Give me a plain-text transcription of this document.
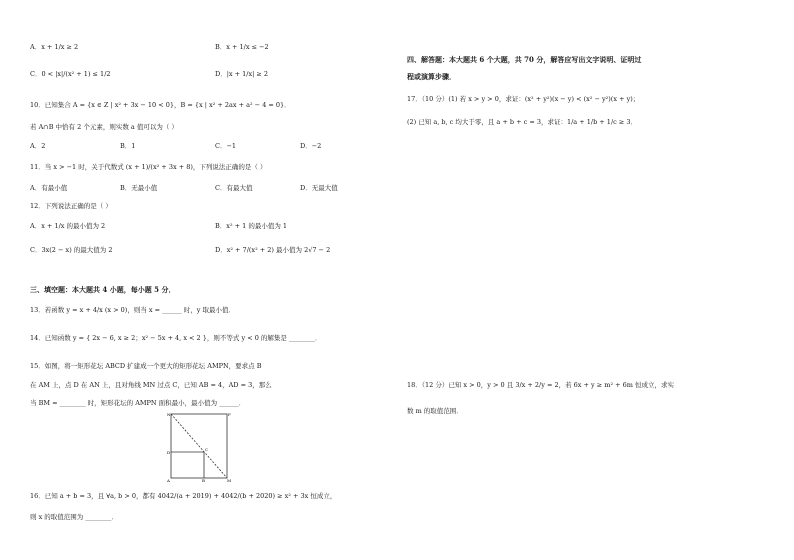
A．x + 1/x ≥ 2	B．x + 1/x ≤ −2
C．0 < |x|/(x² + 1) ≤ 1/2	D．|x + 1/x| ≥ 2
10．已知集合 A = {x ∈ Z | x² + 3x − 10 < 0}，B = {x | x² + 2ax + a² − 4 = 0}．
若 A∩B 中恰有 2 个元素，则实数 a 值可以为（ ）
A．2	B．1	C．−1	D．−2
11．当 x > −1 时，关于代数式 (x + 1)/(x² + 3x + 8)，下列说法正确的是（ ）
A．有最小值	B．无最小值	C．有最大值	D．无最大值
12．下列说法正确的是（ ）
A．x + 1/x 的最小值为 2	B．x² + 1 的最小值为 1
C．3x(2 − x) 的最大值为 2	D．x² + 7/(x² + 2) 最小值为 2√7 − 2
三、填空题：本大题共 4 小题，每小题 5 分．
13．若函数 y = x + 4/x (x > 0)，则当 x = ______ 时，y 取最小值．
14．已知函数 y = { 2x − 6, x ≥ 2；x² − 5x + 4, x < 2 }，则不等式 y < 0 的解集是 ________．
15．如图，将一矩形花坛 ABCD 扩建成一个更大的矩形花坛 AMPN，要求点 B
在 AM 上，点 D 在 AN 上，且对角线 MN 过点 C，已知 AB = 4，AD = 3，那么
当 BM = ________ 时，矩形花坛的 AMPN 面积最小，最小值为 ______．
N	P
D
C
A	B	M
16．已知 a + b = 3，且 ∀a, b > 0，都有 4042/(a + 2019) + 4042/(b + 2020) ≥ x² + 3x 恒成立，
则 x 的取值范围为 ________．
四、解答题：本大题共 6 个大题，共 70 分，解答应写出文字说明、证明过
程或演算步骤．
17．（10 分）(1) 若 x > y > 0，求证：(x² + y²)(x − y) < (x² − y²)(x + y)；
(2) 已知 a, b, c 均大于零，且 a + b + c = 3，求证：1/a + 1/b + 1/c ≥ 3．
18．（12 分）已知 x > 0，y > 0 且 3/x + 2/y = 2，若 6x + y ≥ m² + 6m 恒成立，求实
数 m 的取值范围．
